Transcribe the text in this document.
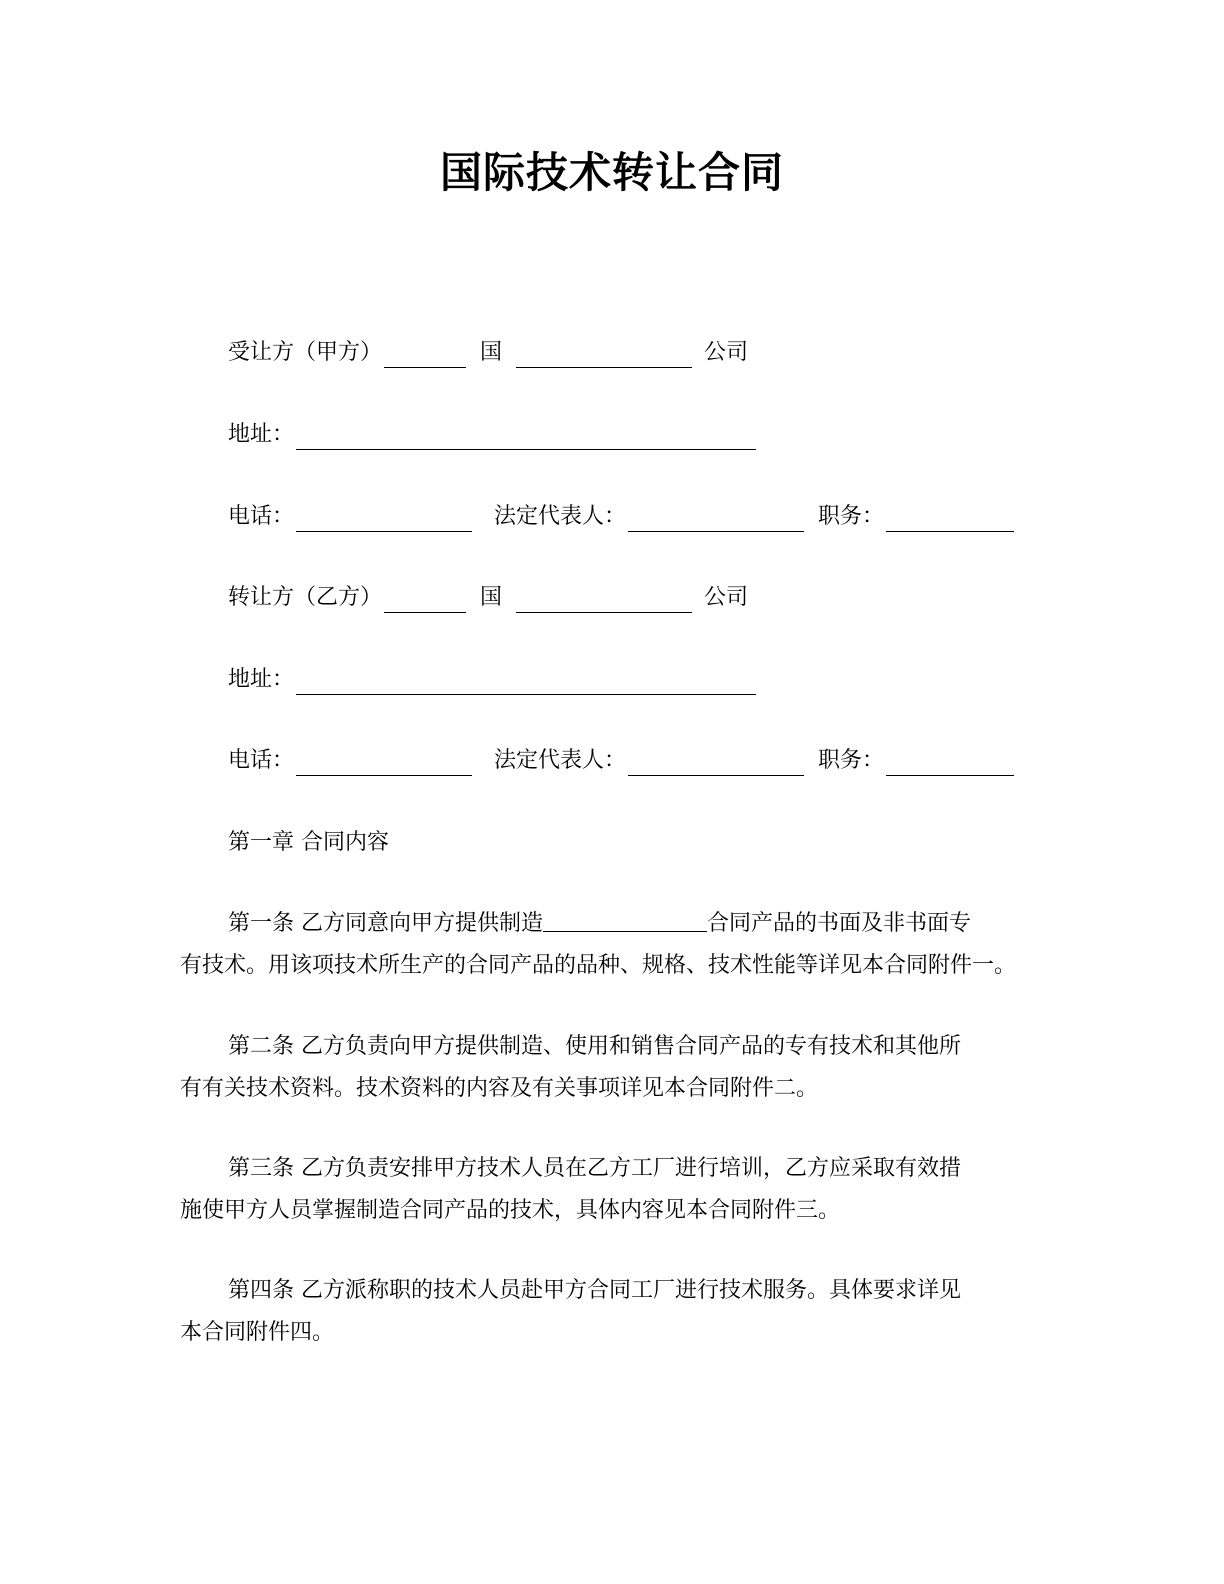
国际技术转让合同
受让方（甲方）	国	公司
地址：
电话：	法定代表人：	职务：
转让方（乙方）	国	公司
地址：
电话：	法定代表人：	职务：
第一章 合同内容
第一条 乙方同意向甲方提供制造	合同产品的书面及非书面专
有技术。用该项技术所生产的合同产品的品种、规格、技术性能等详见本合同附件一。
第二条 乙方负责向甲方提供制造、使用和销售合同产品的专有技术和其他所
有有关技术资料。技术资料的内容及有关事项详见本合同附件二。
第三条 乙方负责安排甲方技术人员在乙方工厂进行培训，乙方应采取有效措
施使甲方人员掌握制造合同产品的技术，具体内容见本合同附件三。
第四条 乙方派称职的技术人员赴甲方合同工厂进行技术服务。具体要求详见
本合同附件四。
